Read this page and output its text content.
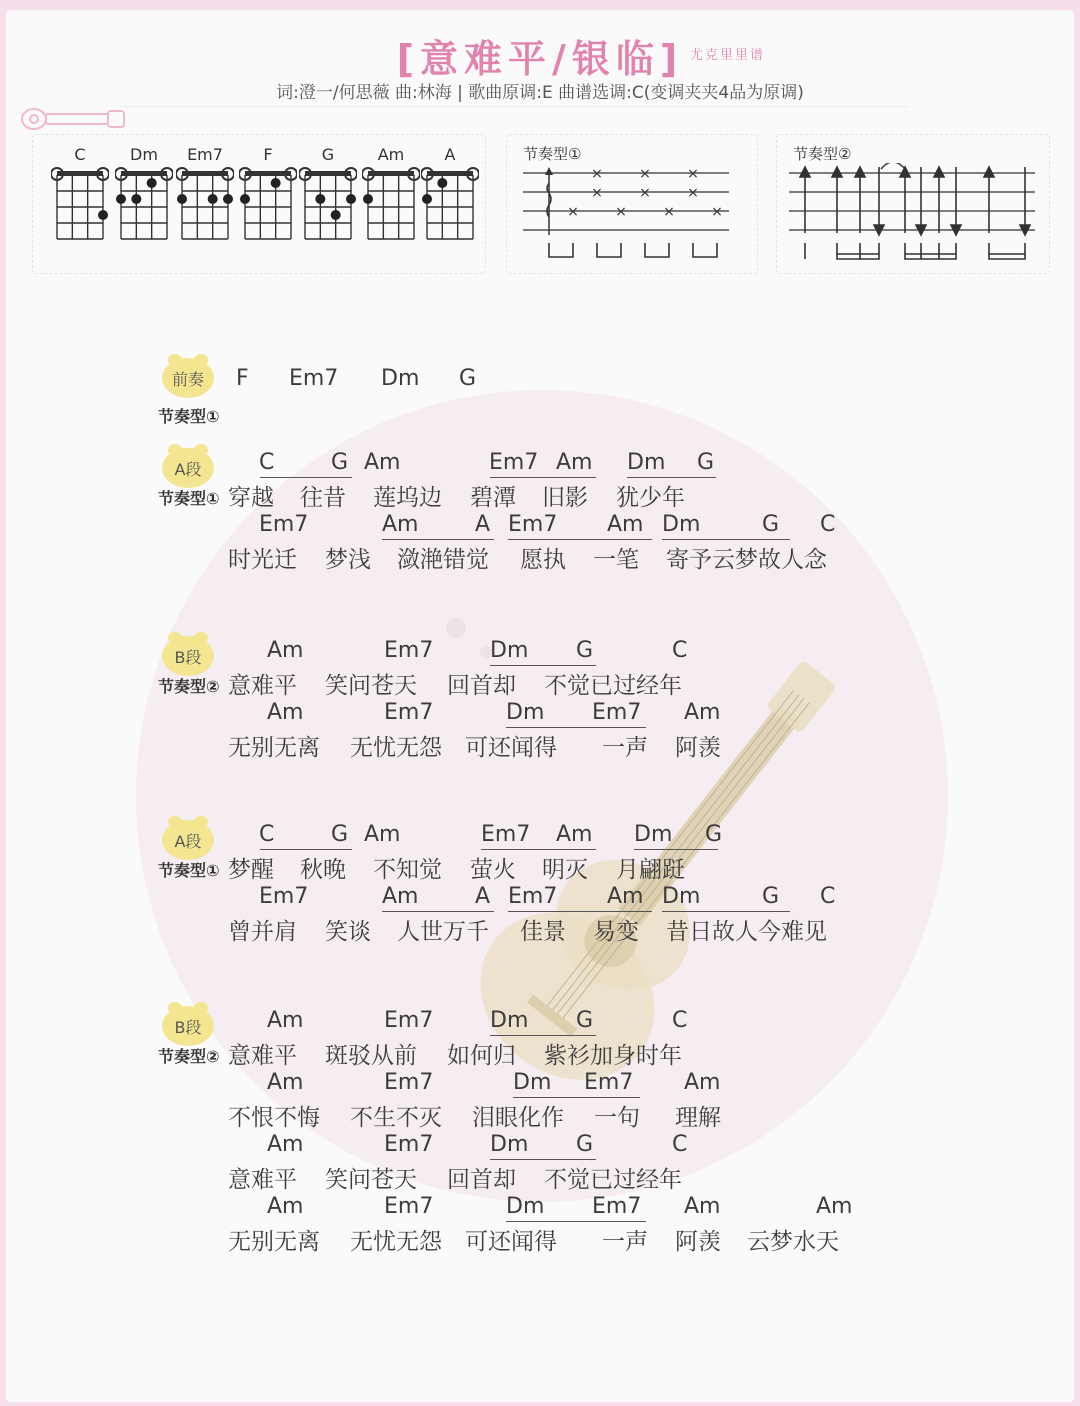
[意难平/银临] 尤克里里谱
词:澄一/何思薇 曲:林海 | 歌曲原调:E 曲谱选调:C(变调夹夹4品为原调)
C	Dm	Em7	F	G	Am	A	节奏型①
×
×
×
×
×
×
×	×	×	×
节奏型②
前奏
节奏型①
F Em7 Dm G
A段
节奏型①
C	G Am	Em7 Am Dm G
穿越 往昔 莲坞边 碧潭 旧影 犹少年
Em7	Am	A Em7 Am Dm	G C
时光迁 梦浅 潋滟错觉 愿执 一笔 寄予云梦故人念
B段
节奏型②
Am	Em7	Dm G	C
意难平 笑问苍天 回首却 不觉已过经年
Am	Em7	Dm Em7 Am
无别无离 无忧无怨 可还闻得 一声 阿羡
A段
节奏型①
C	G Am	Em7 Am Dm G
梦醒 秋晚 不知觉 萤火 明灭 月翩跹
Em7	Am	A Em7 Am Dm	G C
曾并肩 笑谈 人世万千 佳景 易变 昔日故人今难见
B段
节奏型②
Am	Em7	Dm G	C
意难平 斑驳从前 如何归 紫衫加身时年
Am	Em7	Dm Em7 Am
不恨不悔 不生不灭 泪眼化作 一句 理解
Am	Em7	Dm G	C
意难平 笑问苍天 回首却 不觉已过经年
Am	Em7	Dm Em7 Am	Am
无别无离 无忧无怨 可还闻得 一声 阿羡 云梦水天
